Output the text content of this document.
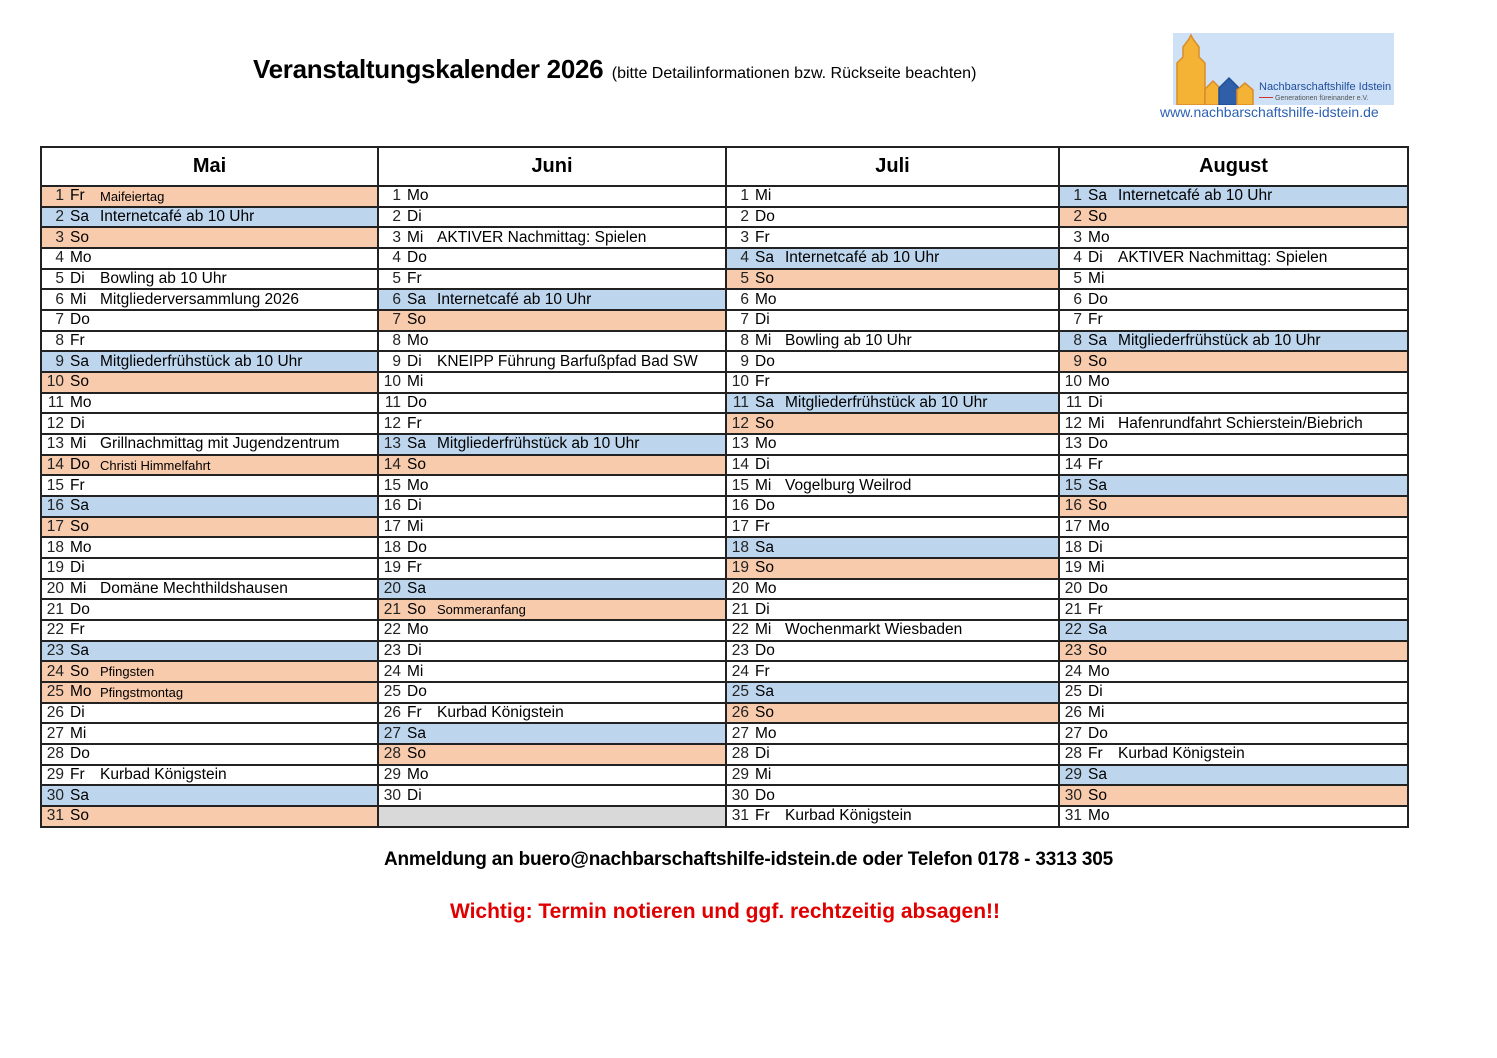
Veranstaltungskalender 2026 (bitte Detailinformationen bzw. Rückseite beachten)
Nachbarschaftshilfe Idstein
Generationen füreinander e.V.
www.nachbarschaftshilfe-idstein.de
Mai
1 Fr	Maifeiertag
2 Sa Internetcafé ab 10 Uhr
3 So
4 Mo
5 Di Bowling ab 10 Uhr
6 Mi Mitgliederversammlung 2026
7 Do
8 Fr
9 Sa Mitgliederfrühstück ab 10 Uhr
10 So
11 Mo
12 Di
13 Mi Grillnachmittag mit Jugendzentrum
14 Do Christi Himmelfahrt
15 Fr
16 Sa
17 So
18 Mo
19 Di
20 Mi Domäne Mechthildshausen
21 Do
22 Fr
23 Sa
24 So Pfingsten
25 Mo Pfingstmontag
26 Di
27 Mi
28 Do
29 Fr Kurbad Königstein
30 Sa
31 So
Juni
1 Mo
2 Di
3 Mi AKTIVER Nachmittag: Spielen
4 Do
5 Fr
6 Sa Internetcafé ab 10 Uhr
7 So
8 Mo
9 Di KNEIPP Führung Barfußpfad Bad SW
10 Mi
11 Do
12 Fr
13 Sa Mitgliederfrühstück ab 10 Uhr
14 So
15 Mo
16 Di
17 Mi
18 Do
19 Fr
20 Sa
21 So Sommeranfang
22 Mo
23 Di
24 Mi
25 Do
26 Fr Kurbad Königstein
27 Sa
28 So
29 Mo
30 Di
Juli
1 Mi
2 Do
3 Fr
4 Sa Internetcafé ab 10 Uhr
5 So
6 Mo
7 Di
8 Mi Bowling ab 10 Uhr
9 Do
10 Fr
11 Sa Mitgliederfrühstück ab 10 Uhr
12 So
13 Mo
14 Di
15 Mi Vogelburg Weilrod
16 Do
17 Fr
18 Sa
19 So
20 Mo
21 Di
22 Mi Wochenmarkt Wiesbaden
23 Do
24 Fr
25 Sa
26 So
27 Mo
28 Di
29 Mi
30 Do
31 Fr Kurbad Königstein
August
1 Sa Internetcafé ab 10 Uhr
2 So
3 Mo
4 Di AKTIVER Nachmittag: Spielen
5 Mi
6 Do
7 Fr
8 Sa Mitgliederfrühstück ab 10 Uhr
9 So
10 Mo
11 Di
12 Mi Hafenrundfahrt Schierstein/Biebrich
13 Do
14 Fr
15 Sa
16 So
17 Mo
18 Di
19 Mi
20 Do
21 Fr
22 Sa
23 So
24 Mo
25 Di
26 Mi
27 Do
28 Fr Kurbad Königstein
29 Sa
30 So
31 Mo
Anmeldung an buero@nachbarschaftshilfe-idstein.de oder Telefon 0178 - 3313 305
Wichtig: Termin notieren und ggf. rechtzeitig absagen!!
